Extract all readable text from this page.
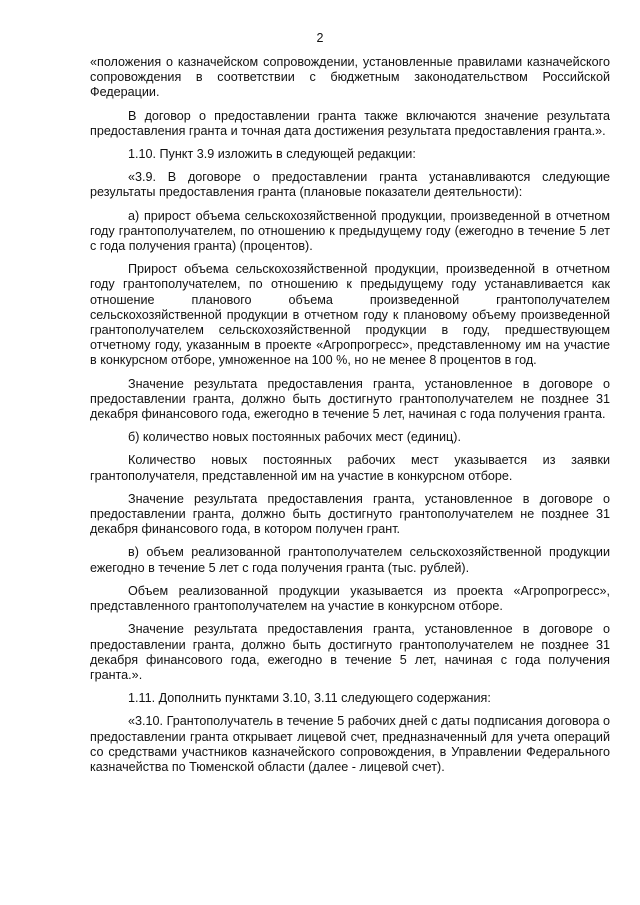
2

«положения о казначейском сопровождении, установленные правилами казначейского сопровождения в соответствии с бюджетным законодательством Российской Федерации.

В договор о предоставлении гранта также включаются значение результата предоставления гранта и точная дата достижения результата предоставления гранта.».

1.10. Пункт 3.9 изложить в следующей редакции:

«3.9. В договоре о предоставлении гранта устанавливаются следующие результаты предоставления гранта (плановые показатели деятельности):

а) прирост объема сельскохозяйственной продукции, произведенной в отчетном году грантополучателем, по отношению к предыдущему году (ежегодно в течение 5 лет с года получения гранта) (процентов).

Прирост объема сельскохозяйственной продукции, произведенной в отчетном году грантополучателем, по отношению к предыдущему году устанавливается как отношение планового объема произведенной грантополучателем сельскохозяйственной продукции в отчетном году к плановому объему произведенной грантополучателем сельскохозяйственной продукции в году, предшествующем отчетному году, указанным в проекте «Агропрогресс», представленному им на участие в конкурсном отборе, умноженное на 100 %, но не менее 8 процентов в год.

Значение результата предоставления гранта, установленное в договоре о предоставлении гранта, должно быть достигнуто грантополучателем не позднее 31 декабря финансового года, ежегодно в течение 5 лет, начиная с года получения гранта.

б) количество новых постоянных рабочих мест (единиц).

Количество новых постоянных рабочих мест указывается из заявки грантополучателя, представленной им на участие в конкурсном отборе.

Значение результата предоставления гранта, установленное в договоре о предоставлении гранта, должно быть достигнуто грантополучателем не позднее 31 декабря финансового года, в котором получен грант.

в) объем реализованной грантополучателем сельскохозяйственной продукции ежегодно в течение 5 лет с года получения гранта (тыс. рублей).

Объем реализованной продукции указывается из проекта «Агропрогресс», представленного грантополучателем на участие в конкурсном отборе.

Значение результата предоставления гранта, установленное в договоре о предоставлении гранта, должно быть достигнуто грантополучателем не позднее 31 декабря финансового года, ежегодно в течение 5 лет, начиная с года получения гранта.».

1.11. Дополнить пунктами 3.10, 3.11 следующего содержания:

«3.10. Грантополучатель в течение 5 рабочих дней с даты подписания договора о предоставлении гранта открывает лицевой счет, предназначенный для учета операций со средствами участников казначейского сопровождения, в Управлении Федерального казначейства по Тюменской области (далее - лицевой счет).
